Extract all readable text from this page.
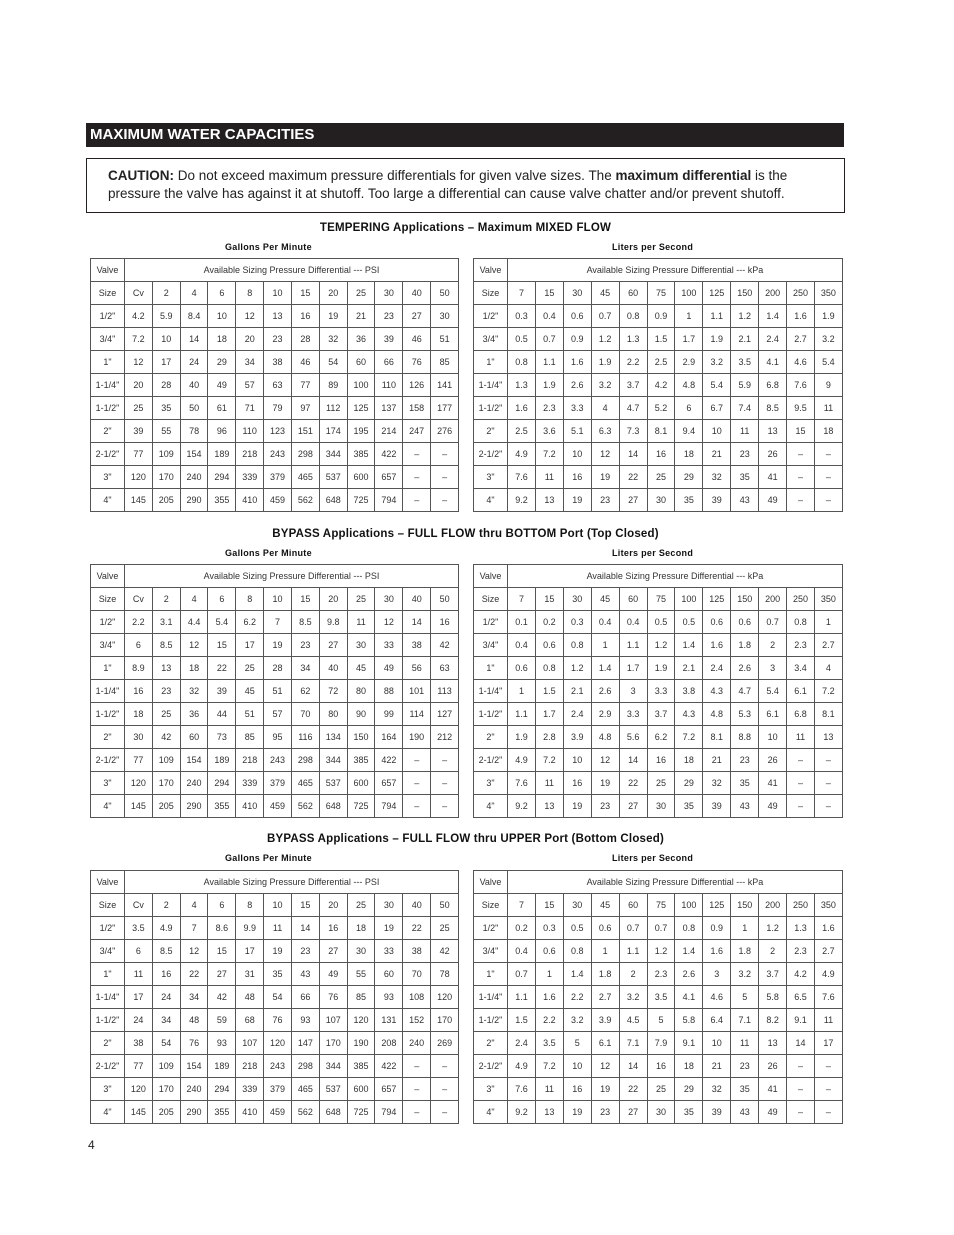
MAXIMUM WATER CAPACITIES
CAUTION: Do not exceed maximum pressure differentials for given valve sizes. The maximum differential is the pressure the valve has against it at shutoff. Too large a differential can cause valve chatter and/or prevent shutoff.
TEMPERING Applications – Maximum MIXED FLOW
Gallons Per Minute	Liters per Second
Valve	Available Sizing Pressure Differential --- PSI											
Size	Cv	2	4	6	8	10	15	20	25	30	40	50
1/2"	4.2	5.9	8.4	10	12	13	16	19	21	23	27	30
3/4"	7.2	10	14	18	20	23	28	32	36	39	46	51
1"	12	17	24	29	34	38	46	54	60	66	76	85
1-1/4"	20	28	40	49	57	63	77	89	100	110	126	141
1-1/2"	25	35	50	61	71	79	97	112	125	137	158	177
2"	39	55	78	96	110	123	151	174	195	214	247	276
2-1/2"	77	109	154	189	218	243	298	344	385	422	–	–
3"	120	170	240	294	339	379	465	537	600	657	–	–
4"	145	205	290	355	410	459	562	648	725	794	–	–
Valve	Available Sizing Pressure Differential --- kPa											
Size	7	15	30	45	60	75	100	125	150	200	250	350
1/2"	0.3	0.4	0.6	0.7	0.8	0.9	1	1.1	1.2	1.4	1.6	1.9
3/4"	0.5	0.7	0.9	1.2	1.3	1.5	1.7	1.9	2.1	2.4	2.7	3.2
1"	0.8	1.1	1.6	1.9	2.2	2.5	2.9	3.2	3.5	4.1	4.6	5.4
1-1/4"	1.3	1.9	2.6	3.2	3.7	4.2	4.8	5.4	5.9	6.8	7.6	9
1-1/2"	1.6	2.3	3.3	4	4.7	5.2	6	6.7	7.4	8.5	9.5	11
2"	2.5	3.6	5.1	6.3	7.3	8.1	9.4	10	11	13	15	18
2-1/2"	4.9	7.2	10	12	14	16	18	21	23	26	–	–
3"	7.6	11	16	19	22	25	29	32	35	41	–	–
4"	9.2	13	19	23	27	30	35	39	43	49	–	–
BYPASS Applications – FULL FLOW thru BOTTOM Port (Top Closed)
Gallons Per Minute	Liters per Second
Valve	Available Sizing Pressure Differential --- PSI											
Size	Cv	2	4	6	8	10	15	20	25	30	40	50
1/2"	2.2	3.1	4.4	5.4	6.2	7	8.5	9.8	11	12	14	16
3/4"	6	8.5	12	15	17	19	23	27	30	33	38	42
1"	8.9	13	18	22	25	28	34	40	45	49	56	63
1-1/4"	16	23	32	39	45	51	62	72	80	88	101	113
1-1/2"	18	25	36	44	51	57	70	80	90	99	114	127
2"	30	42	60	73	85	95	116	134	150	164	190	212
2-1/2"	77	109	154	189	218	243	298	344	385	422	–	–
3"	120	170	240	294	339	379	465	537	600	657	–	–
4"	145	205	290	355	410	459	562	648	725	794	–	–
Valve	Available Sizing Pressure Differential --- kPa											
Size	7	15	30	45	60	75	100	125	150	200	250	350
1/2"	0.1	0.2	0.3	0.4	0.4	0.5	0.5	0.6	0.6	0.7	0.8	1
3/4"	0.4	0.6	0.8	1	1.1	1.2	1.4	1.6	1.8	2	2.3	2.7
1"	0.6	0.8	1.2	1.4	1.7	1.9	2.1	2.4	2.6	3	3.4	4
1-1/4"	1	1.5	2.1	2.6	3	3.3	3.8	4.3	4.7	5.4	6.1	7.2
1-1/2"	1.1	1.7	2.4	2.9	3.3	3.7	4.3	4.8	5.3	6.1	6.8	8.1
2"	1.9	2.8	3.9	4.8	5.6	6.2	7.2	8.1	8.8	10	11	13
2-1/2"	4.9	7.2	10	12	14	16	18	21	23	26	–	–
3"	7.6	11	16	19	22	25	29	32	35	41	–	–
4"	9.2	13	19	23	27	30	35	39	43	49	–	–
BYPASS Applications – FULL FLOW thru UPPER Port (Bottom Closed)
Gallons Per Minute	Liters per Second
Valve	Available Sizing Pressure Differential --- PSI											
Size	Cv	2	4	6	8	10	15	20	25	30	40	50
1/2"	3.5	4.9	7	8.6	9.9	11	14	16	18	19	22	25
3/4"	6	8.5	12	15	17	19	23	27	30	33	38	42
1"	11	16	22	27	31	35	43	49	55	60	70	78
1-1/4"	17	24	34	42	48	54	66	76	85	93	108	120
1-1/2"	24	34	48	59	68	76	93	107	120	131	152	170
2"	38	54	76	93	107	120	147	170	190	208	240	269
2-1/2"	77	109	154	189	218	243	298	344	385	422	–	–
3"	120	170	240	294	339	379	465	537	600	657	–	–
4"	145	205	290	355	410	459	562	648	725	794	–	–
Valve	Available Sizing Pressure Differential --- kPa											
Size	7	15	30	45	60	75	100	125	150	200	250	350
1/2"	0.2	0.3	0.5	0.6	0.7	0.7	0.8	0.9	1	1.2	1.3	1.6
3/4"	0.4	0.6	0.8	1	1.1	1.2	1.4	1.6	1.8	2	2.3	2.7
1"	0.7	1	1.4	1.8	2	2.3	2.6	3	3.2	3.7	4.2	4.9
1-1/4"	1.1	1.6	2.2	2.7	3.2	3.5	4.1	4.6	5	5.8	6.5	7.6
1-1/2"	1.5	2.2	3.2	3.9	4.5	5	5.8	6.4	7.1	8.2	9.1	11
2"	2.4	3.5	5	6.1	7.1	7.9	9.1	10	11	13	14	17
2-1/2"	4.9	7.2	10	12	14	16	18	21	23	26	–	–
3"	7.6	11	16	19	22	25	29	32	35	41	–	–
4"	9.2	13	19	23	27	30	35	39	43	49	–	–
4
